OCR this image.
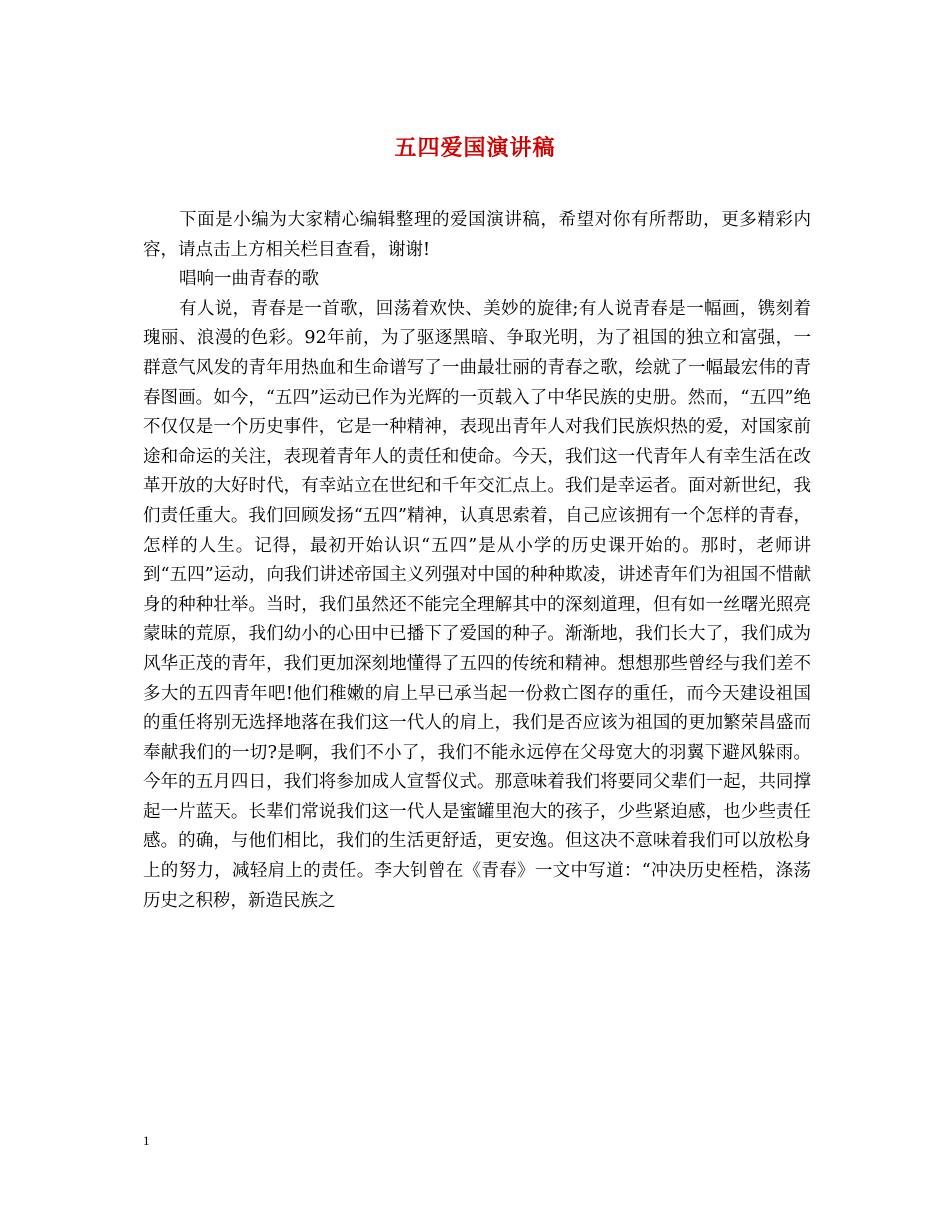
五四爱国演讲稿

下面是小编为大家精心编辑整理的爱国演讲稿，希望对你有所帮助，更多精彩内容，请点击上方相关栏目查看，谢谢!

唱响一曲青春的歌

有人说，青春是一首歌，回荡着欢快、美妙的旋律;有人说青春是一幅画，镌刻着瑰丽、浪漫的色彩。92年前，为了驱逐黑暗、争取光明，为了祖国的独立和富强，一群意气风发的青年用热血和生命谱写了一曲最壮丽的青春之歌，绘就了一幅最宏伟的青春图画。如今，“五四”运动已作为光辉的一页载入了中华民族的史册。然而，“五四”绝不仅仅是一个历史事件，它是一种精神，表现出青年人对我们民族炽热的爱，对国家前途和命运的关注，表现着青年人的责任和使命。今天，我们这一代青年人有幸生活在改革开放的大好时代，有幸站立在世纪和千年交汇点上。我们是幸运者。面对新世纪，我们责任重大。我们回顾发扬“五四”精神，认真思索着，自己应该拥有一个怎样的青春，怎样的人生。记得，最初开始认识“五四”是从小学的历史课开始的。那时，老师讲到“五四”运动，向我们讲述帝国主义列强对中国的种种欺凌，讲述青年们为祖国不惜献身的种种壮举。当时，我们虽然还不能完全理解其中的深刻道理，但有如一丝曙光照亮蒙昧的荒原，我们幼小的心田中已播下了爱国的种子。渐渐地，我们长大了，我们成为风华正茂的青年，我们更加深刻地懂得了五四的传统和精神。想想那些曾经与我们差不多大的五四青年吧!他们稚嫩的肩上早已承当起一份救亡图存的重任，而今天建设祖国的重任将别无选择地落在我们这一代人的肩上，我们是否应该为祖国的更加繁荣昌盛而奉献我们的一切?是啊，我们不小了，我们不能永远停在父母宽大的羽翼下避风躲雨。今年的五月四日，我们将参加成人宣誓仪式。那意味着我们将要同父辈们一起，共同撑起一片蓝天。长辈们常说我们这一代人是蜜罐里泡大的孩子，少些紧迫感，也少些责任感。的确，与他们相比，我们的生活更舒适，更安逸。但这决不意味着我们可以放松身上的努力，减轻肩上的责任。李大钊曾在《青春》一文中写道：“冲决历史桎梏，涤荡历史之积秽，新造民族之

1
